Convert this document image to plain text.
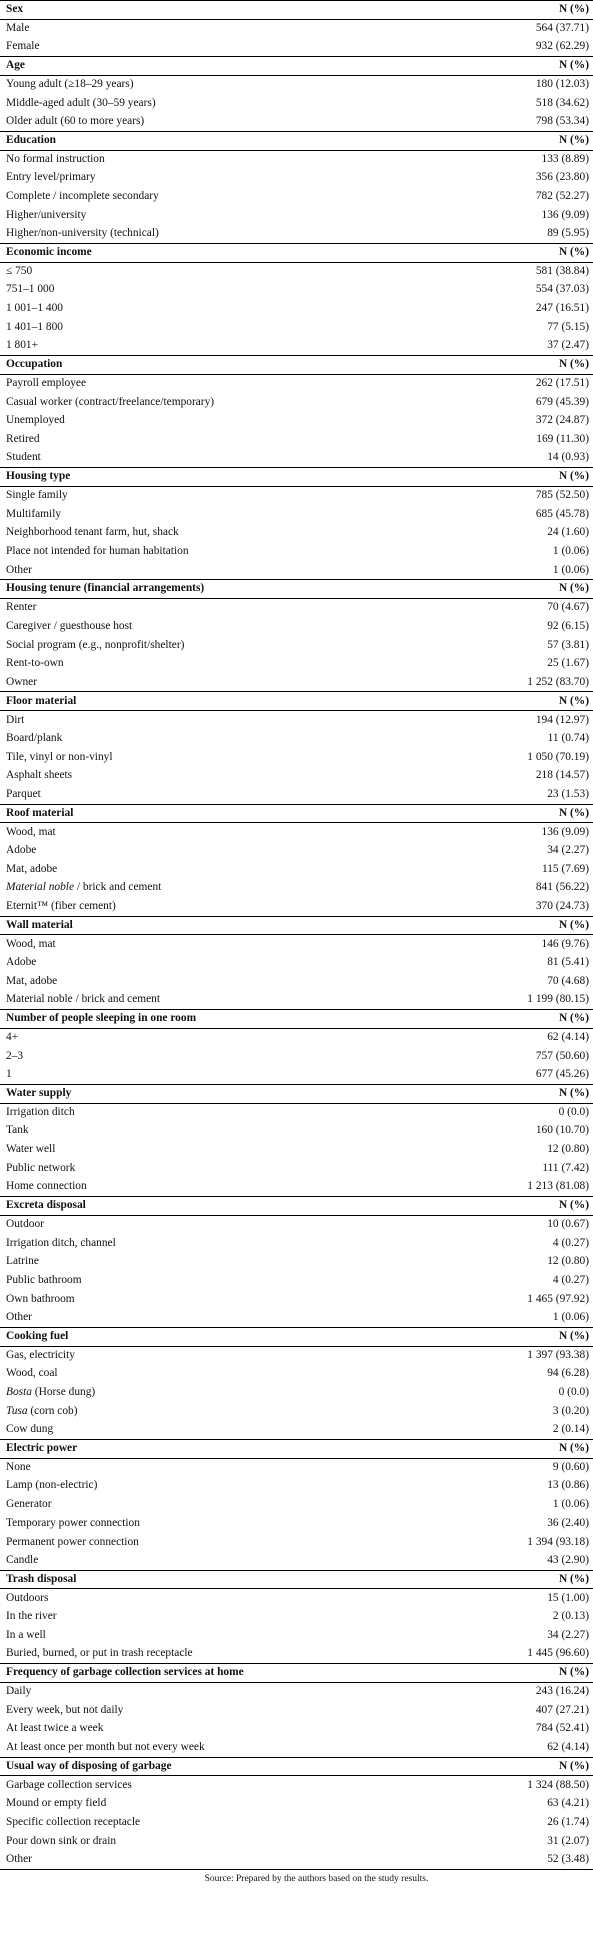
Sex	N (%)
Male	564 (37.71)
Female	932 (62.29)
Age	N (%)
Young adult (≥18–29 years)	180 (12.03)
Middle-aged adult (30–59 years)	518 (34.62)
Older adult (60 to more years)	798 (53.34)
Education	N (%)
No formal instruction	133 (8.89)
Entry level/primary	356 (23.80)
Complete / incomplete secondary	782 (52.27)
Higher/university	136 (9.09)
Higher/non-university (technical)	89 (5.95)
Economic income	N (%)
≤ 750	581 (38.84)
751–1 000	554 (37.03)
1 001–1 400	247 (16.51)
1 401–1 800	77 (5.15)
1 801+	37 (2.47)
Occupation	N (%)
Payroll employee	262 (17.51)
Casual worker (contract/freelance/temporary)	679 (45.39)
Unemployed	372 (24.87)
Retired	169 (11.30)
Student	14 (0.93)
Housing type	N (%)
Single family	785 (52.50)
Multifamily	685 (45.78)
Neighborhood tenant farm, hut, shack	24 (1.60)
Place not intended for human habitation	1 (0.06)
Other	1 (0.06)
Housing tenure (financial arrangements)	N (%)
Renter	70 (4.67)
Caregiver / guesthouse host	92 (6.15)
Social program (e.g., nonprofit/shelter)	57 (3.81)
Rent-to-own	25 (1.67)
Owner	1 252 (83.70)
Floor material	N (%)
Dirt	194 (12.97)
Board/plank	11 (0.74)
Tile, vinyl or non-vinyl	1 050 (70.19)
Asphalt sheets	218 (14.57)
Parquet	23 (1.53)
Roof material	N (%)
Wood, mat	136 (9.09)
Adobe	34 (2.27)
Mat, adobe	115 (7.69)
Material noble / brick and cement	841 (56.22)
Eternit™ (fiber cement)	370 (24.73)
Wall material	N (%)
Wood, mat	146 (9.76)
Adobe	81 (5.41)
Mat, adobe	70 (4.68)
Material noble / brick and cement	1 199 (80.15)
Number of people sleeping in one room	N (%)
4+	62 (4.14)
2–3	757 (50.60)
1	677 (45.26)
Water supply	N (%)
Irrigation ditch	0 (0.0)
Tank	160 (10.70)
Water well	12 (0.80)
Public network	111 (7.42)
Home connection	1 213 (81.08)
Excreta disposal	N (%)
Outdoor	10 (0.67)
Irrigation ditch, channel	4 (0.27)
Latrine	12 (0.80)
Public bathroom	4 (0.27)
Own bathroom	1 465 (97.92)
Other	1 (0.06)
Cooking fuel	N (%)
Gas, electricity	1 397 (93.38)
Wood, coal	94 (6.28)
Bosta (Horse dung)	0 (0.0)
Tusa (corn cob)	3 (0.20)
Cow dung	2 (0.14)
Electric power	N (%)
None	9 (0.60)
Lamp (non-electric)	13 (0.86)
Generator	1 (0.06)
Temporary power connection	36 (2.40)
Permanent power connection	1 394 (93.18)
Candle	43 (2.90)
Trash disposal	N (%)
Outdoors	15 (1.00)
In the river	2 (0.13)
In a well	34 (2.27)
Buried, burned, or put in trash receptacle	1 445 (96.60)
Frequency of garbage collection services at home	N (%)
Daily	243 (16.24)
Every week, but not daily	407 (27.21)
At least twice a week	784 (52.41)
At least once per month but not every week	62 (4.14)
Usual way of disposing of garbage	N (%)
Garbage collection services	1 324 (88.50)
Mound or empty field	63 (4.21)
Specific collection receptacle	26 (1.74)
Pour down sink or drain	31 (2.07)
Other	52 (3.48)
Source: Prepared by the authors based on the study results.
